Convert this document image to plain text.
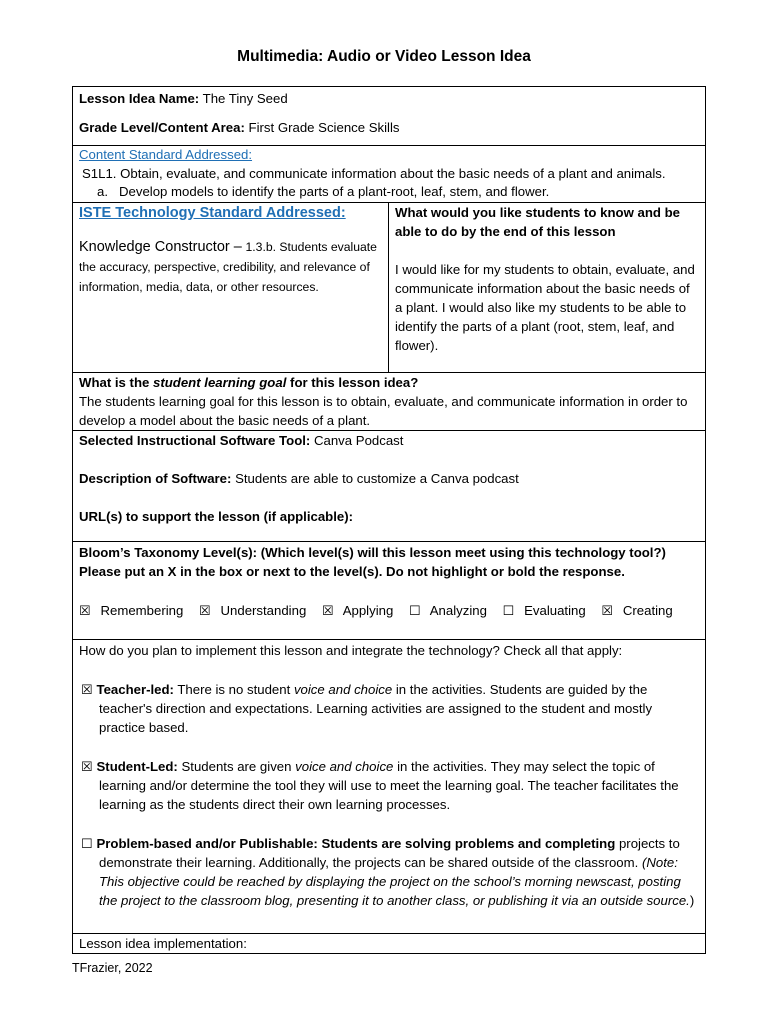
Multimedia: Audio or Video Lesson Idea

Lesson Idea Name: The Tiny Seed

Grade Level/Content Area: First Grade Science Skills

Content Standard Addressed:

S1L1. Obtain, evaluate, and communicate information about the basic needs of a plant and animals.

a. Develop models to identify the parts of a plant-root, leaf, stem, and flower.

ISTE Technology Standard Addressed:

Knowledge Constructor – 1.3.b. Students evaluate the accuracy, perspective, credibility, and relevance of information, media, data, or other resources.

What would you like students to know and be able to do by the end of this lesson

I would like for my students to obtain, evaluate, and communicate information about the basic needs of a plant. I would also like my students to be able to identify the parts of a plant (root, stem, leaf, and flower).

What is the student learning goal for this lesson idea?

The students learning goal for this lesson is to obtain, evaluate, and communicate information in order to develop a model about the basic needs of a plant.

Selected Instructional Software Tool: Canva Podcast

Description of Software: Students are able to customize a Canva podcast

URL(s) to support the lesson (if applicable):

Bloom’s Taxonomy Level(s): (Which level(s) will this lesson meet using this technology tool?)

Please put an X in the box or next to the level(s). Do not highlight or bold the response.

☒ Remembering ☒ Understanding ☒ Applying ☐ Analyzing ☐ Evaluating ☒ Creating

How do you plan to implement this lesson and integrate the technology? Check all that apply:

☒ Teacher-led: There is no student voice and choice in the activities. Students are guided by the teacher's direction and expectations. Learning activities are assigned to the student and mostly practice based.

☒ Student-Led: Students are given voice and choice in the activities. They may select the topic of learning and/or determine the tool they will use to meet the learning goal. The teacher facilitates the learning as the students direct their own learning processes.

☐ Problem-based and/or Publishable: Students are solving problems and completing projects to demonstrate their learning. Additionally, the projects can be shared outside of the classroom. (Note: This objective could be reached by displaying the project on the school’s morning newscast, posting the project to the classroom blog, presenting it to another class, or publishing it via an outside source.)

Lesson idea implementation:
TFrazier, 2022
